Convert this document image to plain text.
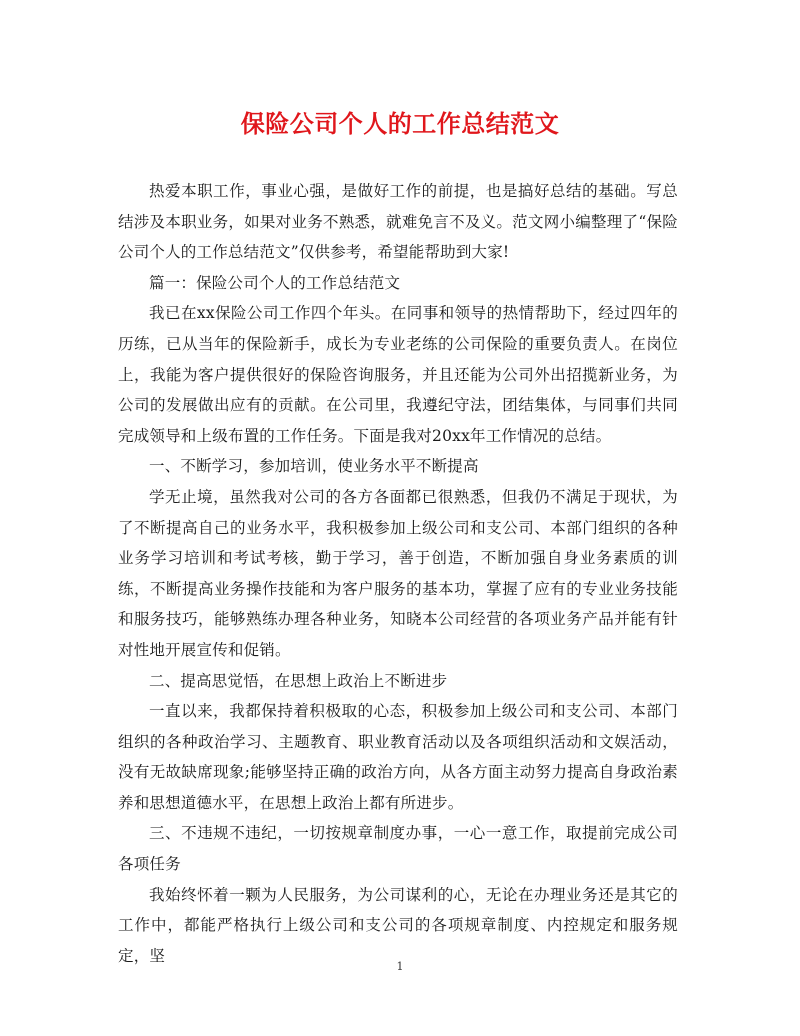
保险公司个人的工作总结范文

热爱本职工作，事业心强，是做好工作的前提，也是搞好总结的基础。写总结涉及本职业务，如果对业务不熟悉，就难免言不及义。范文网小编整理了“保险公司个人的工作总结范文”仅供参考，希望能帮助到大家!

篇一：保险公司个人的工作总结范文

我已在xx保险公司工作四个年头。在同事和领导的热情帮助下，经过四年的历练，已从当年的保险新手，成长为专业老练的公司保险的重要负责人。在岗位上，我能为客户提供很好的保险咨询服务，并且还能为公司外出招揽新业务，为公司的发展做出应有的贡献。在公司里，我遵纪守法，团结集体，与同事们共同完成领导和上级布置的工作任务。下面是我对20xx年工作情况的总结。

一、不断学习，参加培训，使业务水平不断提高

学无止境，虽然我对公司的各方各面都已很熟悉，但我仍不满足于现状，为了不断提高自己的业务水平，我积极参加上级公司和支公司、本部门组织的各种业务学习培训和考试考核，勤于学习，善于创造，不断加强自身业务素质的训练，不断提高业务操作技能和为客户服务的基本功，掌握了应有的专业业务技能和服务技巧，能够熟练办理各种业务，知晓本公司经营的各项业务产品并能有针对性地开展宣传和促销。

二、提高思觉悟，在思想上政治上不断进步

一直以来，我都保持着积极取的心态，积极参加上级公司和支公司、本部门组织的各种政治学习、主题教育、职业教育活动以及各项组织活动和文娱活动，没有无故缺席现象;能够坚持正确的政治方向，从各方面主动努力提高自身政治素养和思想道德水平，在思想上政治上都有所进步。

三、不违规不违纪，一切按规章制度办事，一心一意工作，取提前完成公司各项任务

我始终怀着一颗为人民服务，为公司谋利的心，无论在办理业务还是其它的工作中，都能严格执行上级公司和支公司的各项规章制度、内控规定和服务规定，坚

1
